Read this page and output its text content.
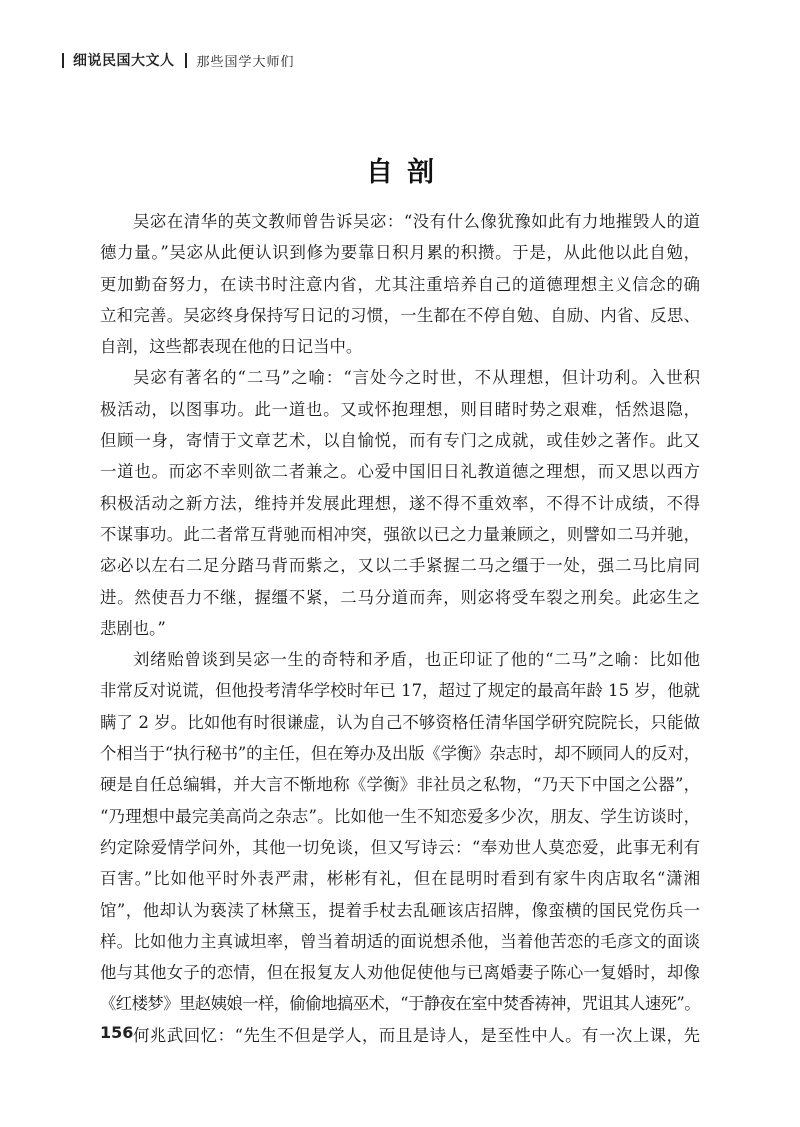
细说民国大文人 那些国学大师们
自剖
吴宓在清华的英文教师曾告诉吴宓：“没有什么像犹豫如此有力地摧毁人的道
德力量。”吴宓从此便认识到修为要靠日积月累的积攒。于是，从此他以此自勉，
更加勤奋努力，在读书时注意内省，尤其注重培养自己的道德理想主义信念的确
立和完善。吴宓终身保持写日记的习惯，一生都在不停自勉、自励、内省、反思、
自剖，这些都表现在他的日记当中。
吴宓有著名的“二马”之喻：“言处今之时世，不从理想，但计功利。入世积
极活动，以图事功。此一道也。又或怀抱理想，则目睹时势之艰难，恬然退隐，
但顾一身，寄情于文章艺术，以自愉悦，而有专门之成就，或佳妙之著作。此又
一道也。而宓不幸则欲二者兼之。心爱中国旧日礼教道德之理想，而又思以西方
积极活动之新方法，维持并发展此理想，遂不得不重效率，不得不计成绩，不得
不谋事功。此二者常互背驰而相冲突，强欲以已之力量兼顾之，则譬如二马并驰，
宓必以左右二足分踏马背而紫之，又以二手紧握二马之缰于一处，强二马比肩同
进。然使吾力不继，握缰不紧，二马分道而奔，则宓将受车裂之刑矣。此宓生之
悲剧也。”
刘绪贻曾谈到吴宓一生的奇特和矛盾，也正印证了他的“二马”之喻：比如他
非常反对说谎，但他投考清华学校时年已 17，超过了规定的最高年龄 15 岁，他就
瞒了 2 岁。比如他有时很谦虚，认为自己不够资格任清华国学研究院院长，只能做
个相当于“执行秘书”的主任，但在筹办及出版《学衡》杂志时，却不顾同人的反对，
硬是自任总编辑，并大言不惭地称《学衡》非社员之私物，“乃天下中国之公器”，
“乃理想中最完美高尚之杂志”。比如他一生不知恋爱多少次，朋友、学生访谈时，
约定除爱情学问外，其他一切免谈，但又写诗云：“奉劝世人莫恋爱，此事无利有
百害。”比如他平时外表严肃，彬彬有礼，但在昆明时看到有家牛肉店取名“潇湘
馆”，他却认为亵渎了林黛玉，提着手杖去乱砸该店招牌，像蛮横的国民党伤兵一
样。比如他力主真诚坦率，曾当着胡适的面说想杀他，当着他苦恋的毛彦文的面谈
他与其他女子的恋情，但在报复友人劝他促使他与已离婚妻子陈心一复婚时，却像
《红楼梦》里赵姨娘一样，偷偷地搞巫术，“于静夜在室中焚香祷神，咒诅其人速死”。
何兆武回忆：“先生不但是学人，而且是诗人，是至性中人。有一次上课，先
156
